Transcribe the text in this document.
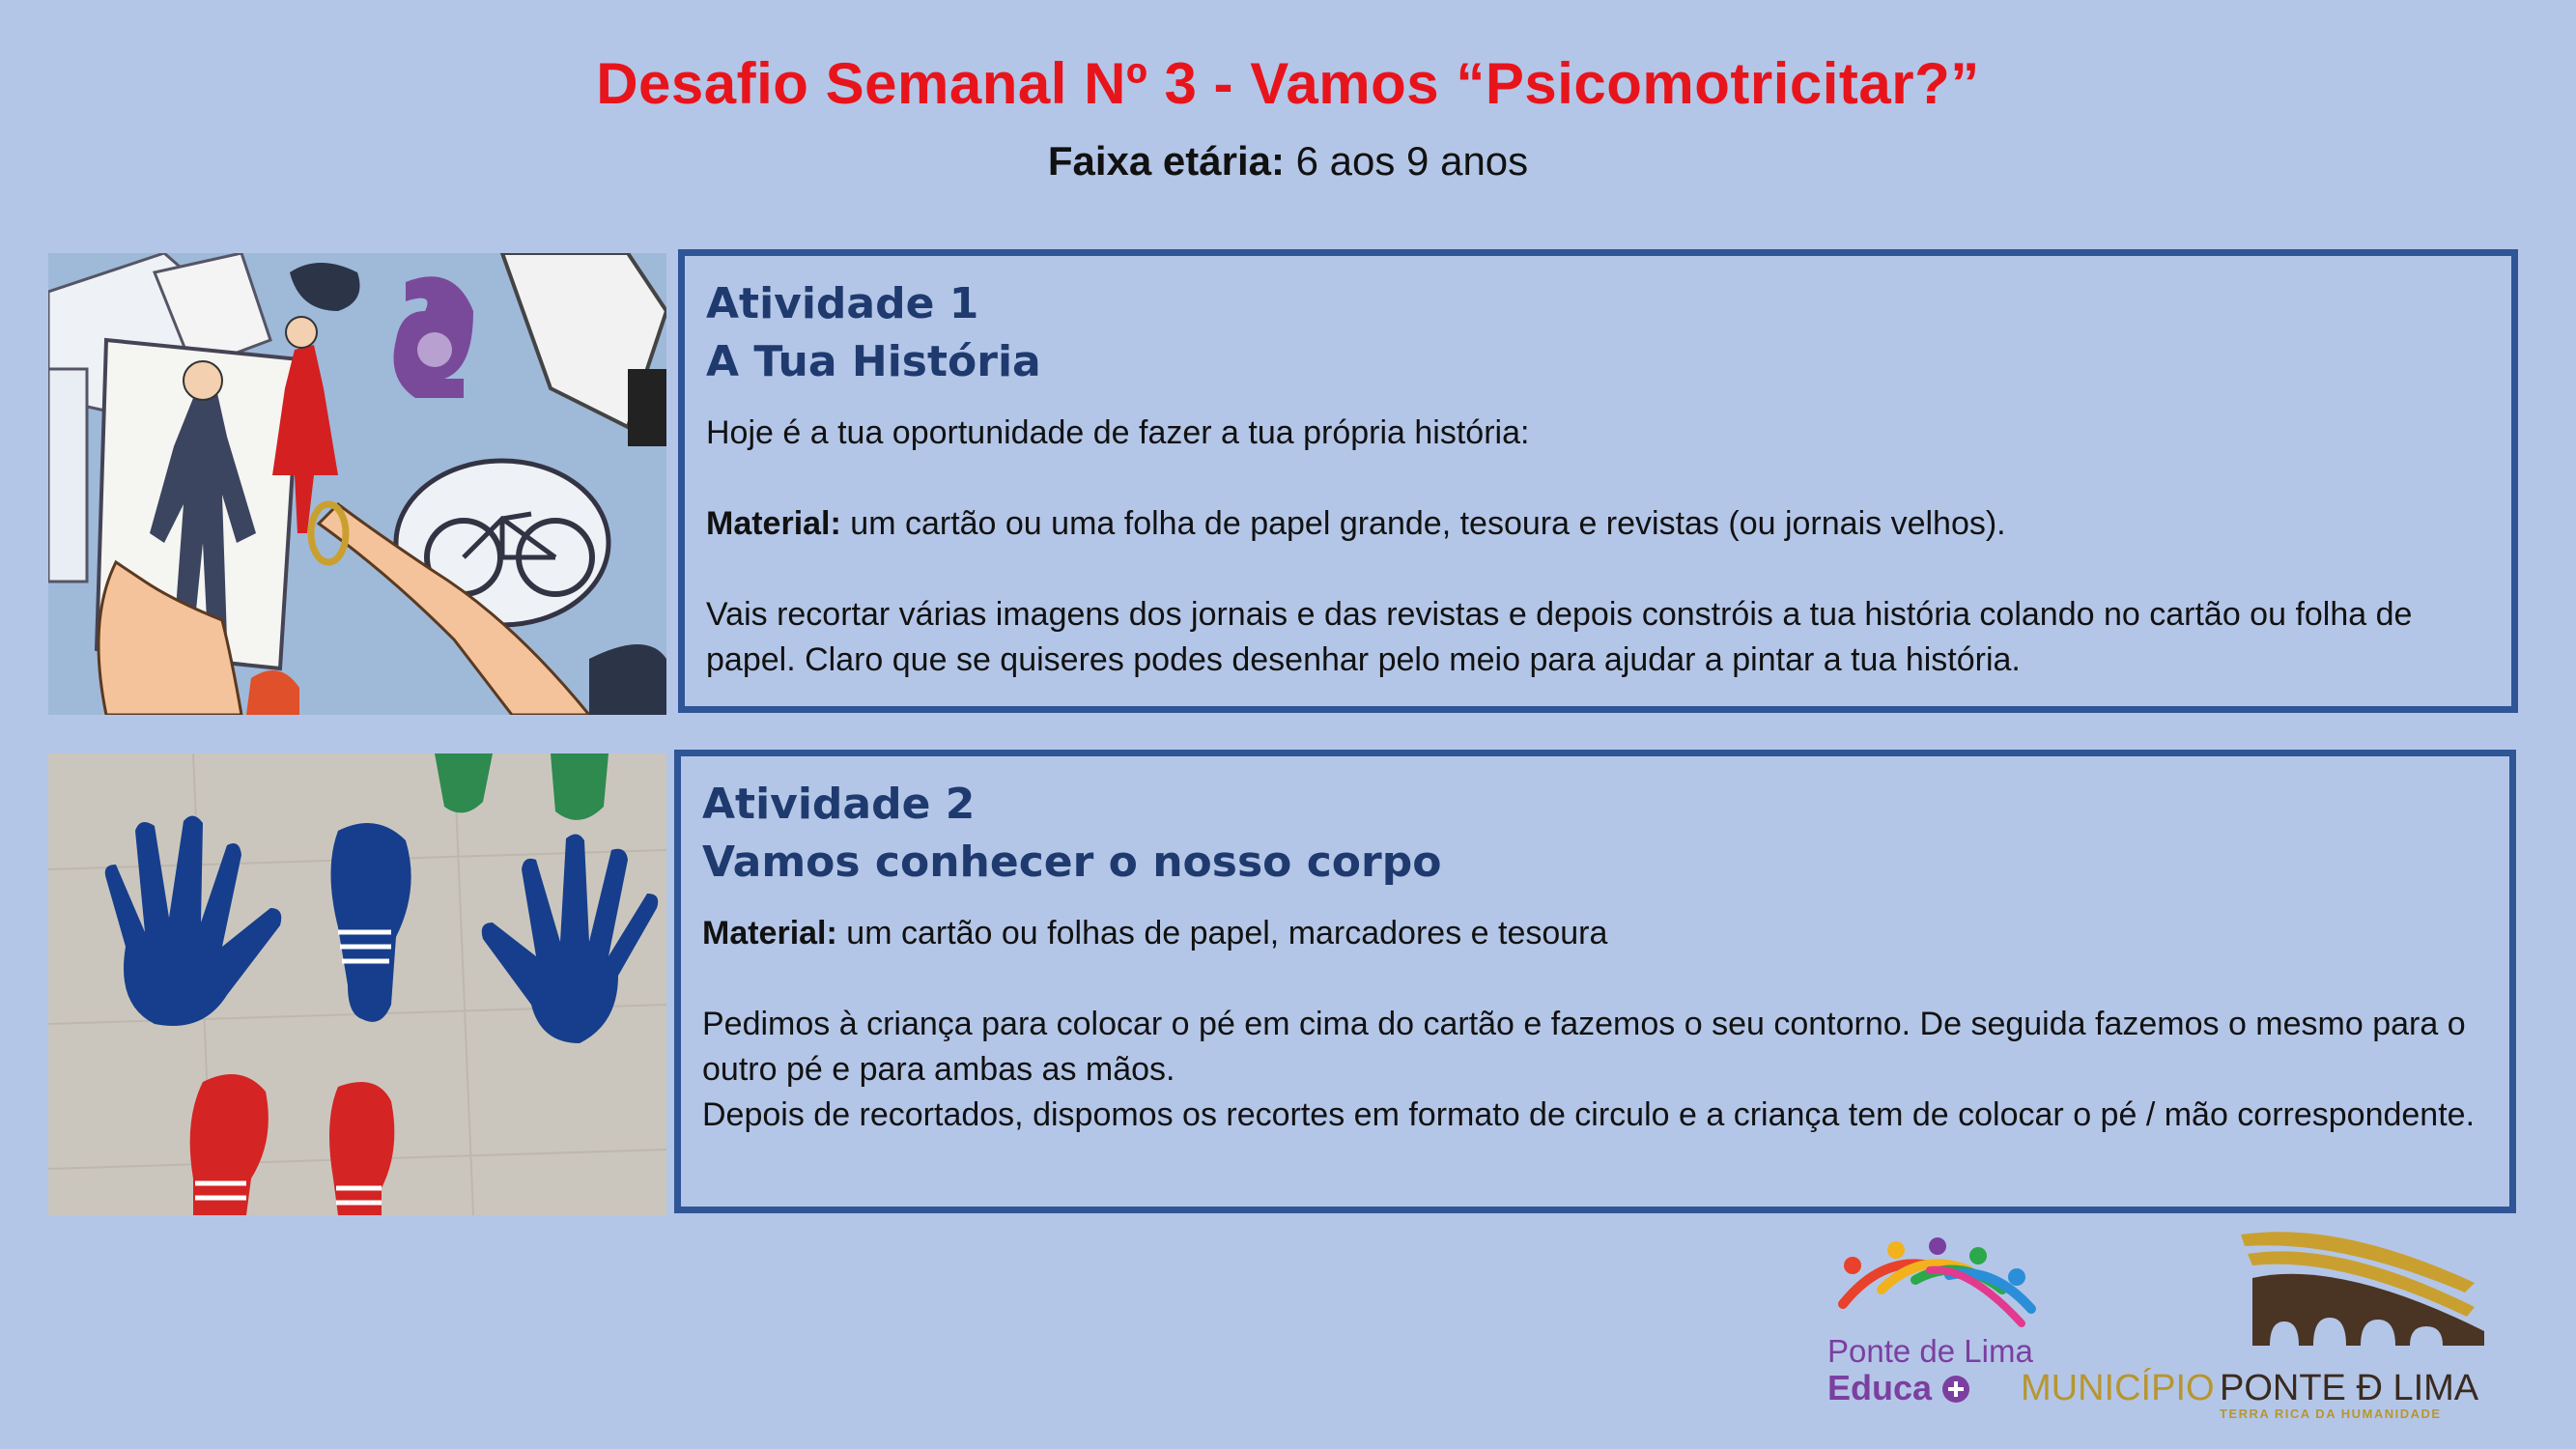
Desafio Semanal Nº 3 - Vamos “Psicomotricitar?”
Faixa etária: 6 aos 9 anos
Atividade 1
A Tua História

Hoje é a tua oportunidade de fazer a tua própria história:

Material: um cartão ou uma folha de papel grande, tesoura e revistas (ou jornais velhos).

Vais recortar várias imagens dos jornais e das revistas e depois constróis a tua história colando no cartão ou folha de papel. Claro que se quiseres podes desenhar pelo meio para ajudar a pintar a tua história.

Atividade 2
Vamos conhecer o nosso corpo

Material: um cartão ou folhas de papel, marcadores e tesoura

Pedimos à criança para colocar o pé em cima do cartão e fazemos o seu contorno. De seguida fazemos o mesmo para o outro pé e para ambas as mãos.

Depois de recortados, dispomos os recortes em formato de circulo e a criança tem de colocar o pé / mão correspondente.

Ponte de Lima
Educa	MUNICÍPIO PONTE Ð LIMA
TERRA RICA DA HUMANIDADE
